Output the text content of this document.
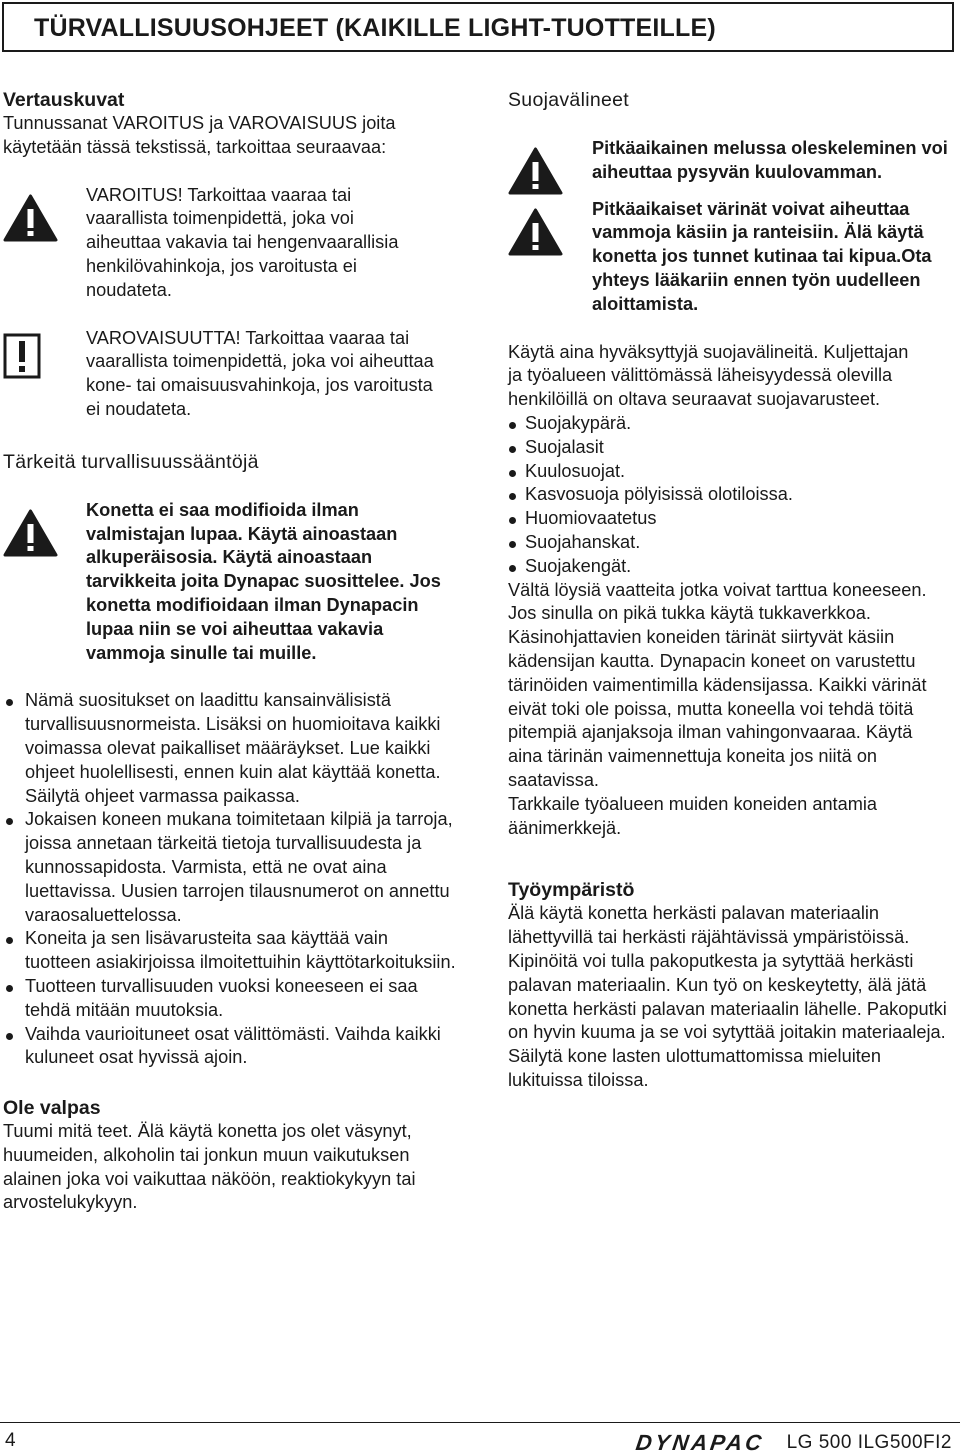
TÜRVALLISUUSOHJEET (KAIKILLE LIGHT-TUOTTEILLE)
Vertauskuvat

Tunnussanat VAROITUS ja VAROVAISUUS joita käytetään tässä tekstissä, tarkoittaa seuraavaa:

VAROITUS! Tarkoittaa vaaraa tai vaarallista toimenpidettä, joka voi aiheuttaa vakavia tai hengenvaarallisia henkilövahinkoja, jos varoitusta ei noudateta.

VAROVAISUUTTA! Tarkoittaa vaaraa tai vaarallista toimenpidettä, joka voi aiheuttaa kone- tai omaisuusvahinkoja, jos varoitusta ei noudateta.

Tärkeitä turvallisuussääntöjä

Konetta ei saa modifioida ilman valmistajan lupaa. Käytä ainoastaan alkuperäisosia. Käytä ainoastaan tarvikkeita joita Dynapac suosittelee. Jos konetta modifioidaan ilman Dynapacin lupaa niin se voi aiheuttaa vakavia vammoja sinulle tai muille.

Nämä suositukset on laadittu kansainvälisistä turvallisuusnormeista. Lisäksi on huomioitava kaikki voimassa olevat paikalliset määräykset. Lue kaikki ohjeet huolellisesti, ennen kuin alat käyttää konetta. Säilytä ohjeet varmassa paikassa.
Jokaisen koneen mukana toimitetaan kilpiä ja tarroja, joissa annetaan tärkeitä tietoja turvallisuudesta ja kunnossapidosta. Varmista, että ne ovat aina luettavissa. Uusien tarrojen tilausnumerot on annettu varaosaluettelossa.
Koneita ja sen lisävarusteita saa käyttää vain tuotteen asiakirjoissa ilmoitettuihin käyttötarkoituksiin.
Tuotteen turvallisuuden vuoksi koneeseen ei saa tehdä mitään muutoksia.
Vaihda vaurioituneet osat välittömästi. Vaihda kaikki kuluneet osat hyvissä ajoin.
Ole valpas

Tuumi mitä teet. Älä käytä konetta jos olet väsynyt, huumeiden, alkoholin tai jonkun muun vaikutuksen alainen joka voi vaikuttaa näköön, reaktiokykyyn tai arvostelukykyyn.

Suojavälineet

Pitkäaikainen melussa oleskeleminen voi aiheuttaa pysyvän kuulovamman.

Pitkäaikaiset värinät voivat aiheuttaa vammoja käsiin ja ranteisiin. Älä käytä konetta jos tunnet kutinaa tai kipua.Ota yhteys lääkariin ennen työn uudelleen aloittamista.

Käytä aina hyväksyttyjä suojavälineitä. Kuljettajan ja työalueen välittömässä läheisyydessä olevilla henkilöillä on oltava seuraavat suojavarusteet.

Suojakypärä.
Suojalasit
Kuulosuojat.
Kasvosuoja pölyisissä olotiloissa.
Huomiovaatetus
Suojahanskat.
Suojakengät.

Vältä löysiä vaatteita jotka voivat tarttua koneeseen. Jos sinulla on pikä tukka käytä tukkaverkkoa. Käsinohjattavien koneiden tärinät siirtyvät käsiin kädensijan kautta. Dynapacin koneet on varustettu tärinöiden vaimentimilla kädensijassa. Kaikki värinät eivät toki ole poissa, mutta koneella voi tehdä töitä pitempiä ajanjaksoja ilman vahingonvaaraa. Käytä aina tärinän vaimennettuja koneita jos niitä on saatavissa.

Tarkkaile työalueen muiden koneiden antamia äänimerkkejä.

Työympäristö

Älä käytä konetta herkästi palavan materiaalin lähettyvillä tai herkästi räjähtävissä ympäristöissä. Kipinöitä voi tulla pakoputkesta ja sytyttää herkästi palavan materiaalin. Kun työ on keskeytetty, älä jätä konetta herkästi palavan materiaalin lähelle. Pakoputki on hyvin kuuma ja se voi sytyttää joitakin materiaaleja. Säilytä kone lasten ulottumattomissa mieluiten lukituissa tiloissa.

4	DYNAPAC LG 500 ILG500FI2
